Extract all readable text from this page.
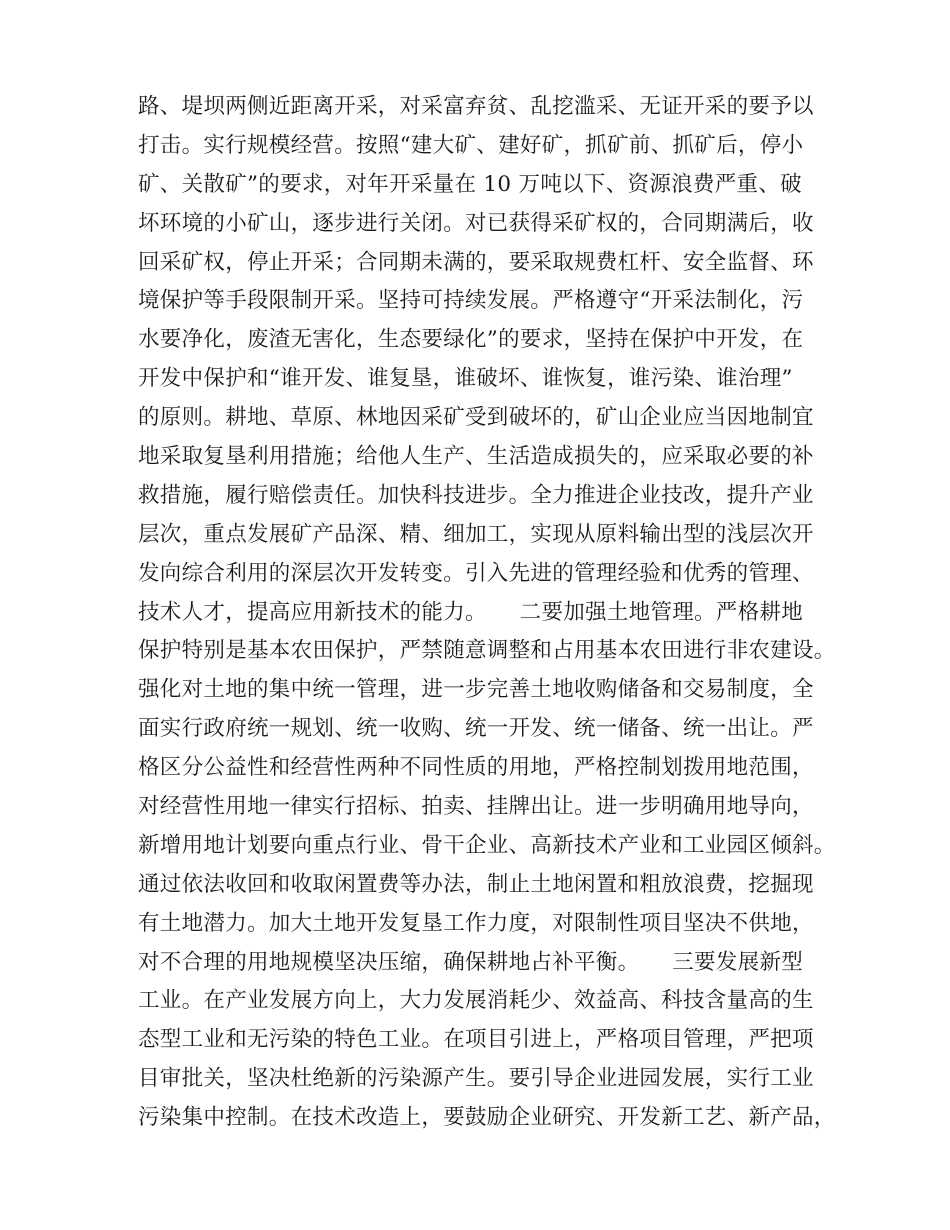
路、堤坝两侧近距离开采，对采富弃贫、乱挖滥采、无证开采的要予以
打击。实行规模经营。按照“建大矿、建好矿，抓矿前、抓矿后，停小
矿、关散矿”的要求，对年开采量在 10 万吨以下、资源浪费严重、破
坏环境的小矿山，逐步进行关闭。对已获得采矿权的，合同期满后，收
回采矿权，停止开采；合同期未满的，要采取规费杠杆、安全监督、环
境保护等手段限制开采。坚持可持续发展。严格遵守“开采法制化，污
水要净化，废渣无害化，生态要绿化”的要求，坚持在保护中开发，在
开发中保护和“谁开发、谁复垦，谁破坏、谁恢复，谁污染、谁治理”
的原则。耕地、草原、林地因采矿受到破坏的，矿山企业应当因地制宜
地采取复垦利用措施；给他人生产、生活造成损失的，应采取必要的补
救措施，履行赔偿责任。加快科技进步。全力推进企业技改，提升产业
层次，重点发展矿产品深、精、细加工，实现从原料输出型的浅层次开
发向综合利用的深层次开发转变。引入先进的管理经验和优秀的管理、
技术人才，提高应用新技术的能力。　　二要加强土地管理。严格耕地
保护特别是基本农田保护，严禁随意调整和占用基本农田进行非农建设。
强化对土地的集中统一管理，进一步完善土地收购储备和交易制度，全
面实行政府统一规划、统一收购、统一开发、统一储备、统一出让。严
格区分公益性和经营性两种不同性质的用地，严格控制划拨用地范围，
对经营性用地一律实行招标、拍卖、挂牌出让。进一步明确用地导向，
新增用地计划要向重点行业、骨干企业、高新技术产业和工业园区倾斜。
通过依法收回和收取闲置费等办法，制止土地闲置和粗放浪费，挖掘现
有土地潜力。加大土地开发复垦工作力度，对限制性项目坚决不供地，
对不合理的用地规模坚决压缩，确保耕地占补平衡。　　三要发展新型
工业。在产业发展方向上，大力发展消耗少、效益高、科技含量高的生
态型工业和无污染的特色工业。在项目引进上，严格项目管理，严把项
目审批关，坚决杜绝新的污染源产生。要引导企业进园发展，实行工业
污染集中控制。在技术改造上，要鼓励企业研究、开发新工艺、新产品，
